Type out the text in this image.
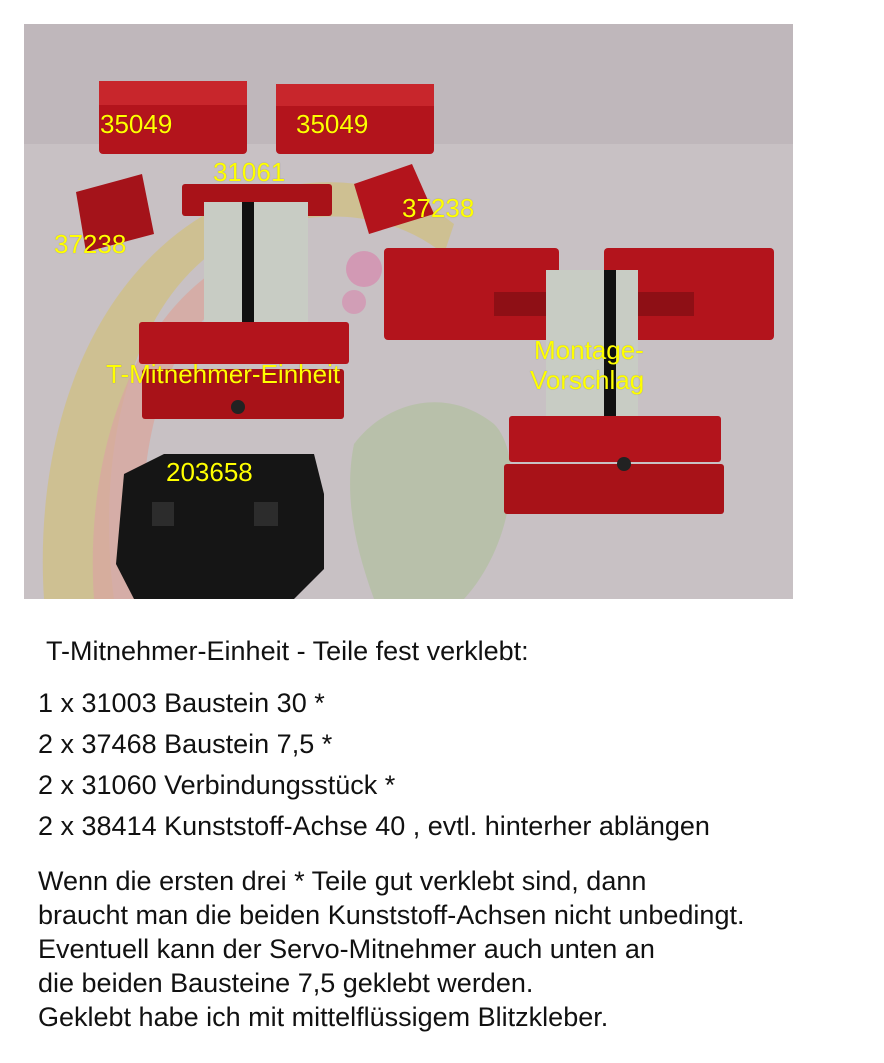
35049	35049
31061
37238
37238
T-Mitnehmer-Einheit
Montage-
Vorschlag
203658
T-Mitnehmer-Einheit - Teile fest verklebt:
1 x 31003 Baustein 30 *
2 x 37468 Baustein 7,5 *
2 x 31060 Verbindungsstück *
2 x 38414 Kunststoff-Achse 40 , evtl. hinterher ablängen
Wenn die ersten drei * Teile gut verklebt sind, dann
braucht man die beiden Kunststoff-Achsen nicht unbedingt.
Eventuell kann der Servo-Mitnehmer auch unten an
die beiden Bausteine 7,5 geklebt werden.
Geklebt habe ich mit mittelflüssigem Blitzkleber.
